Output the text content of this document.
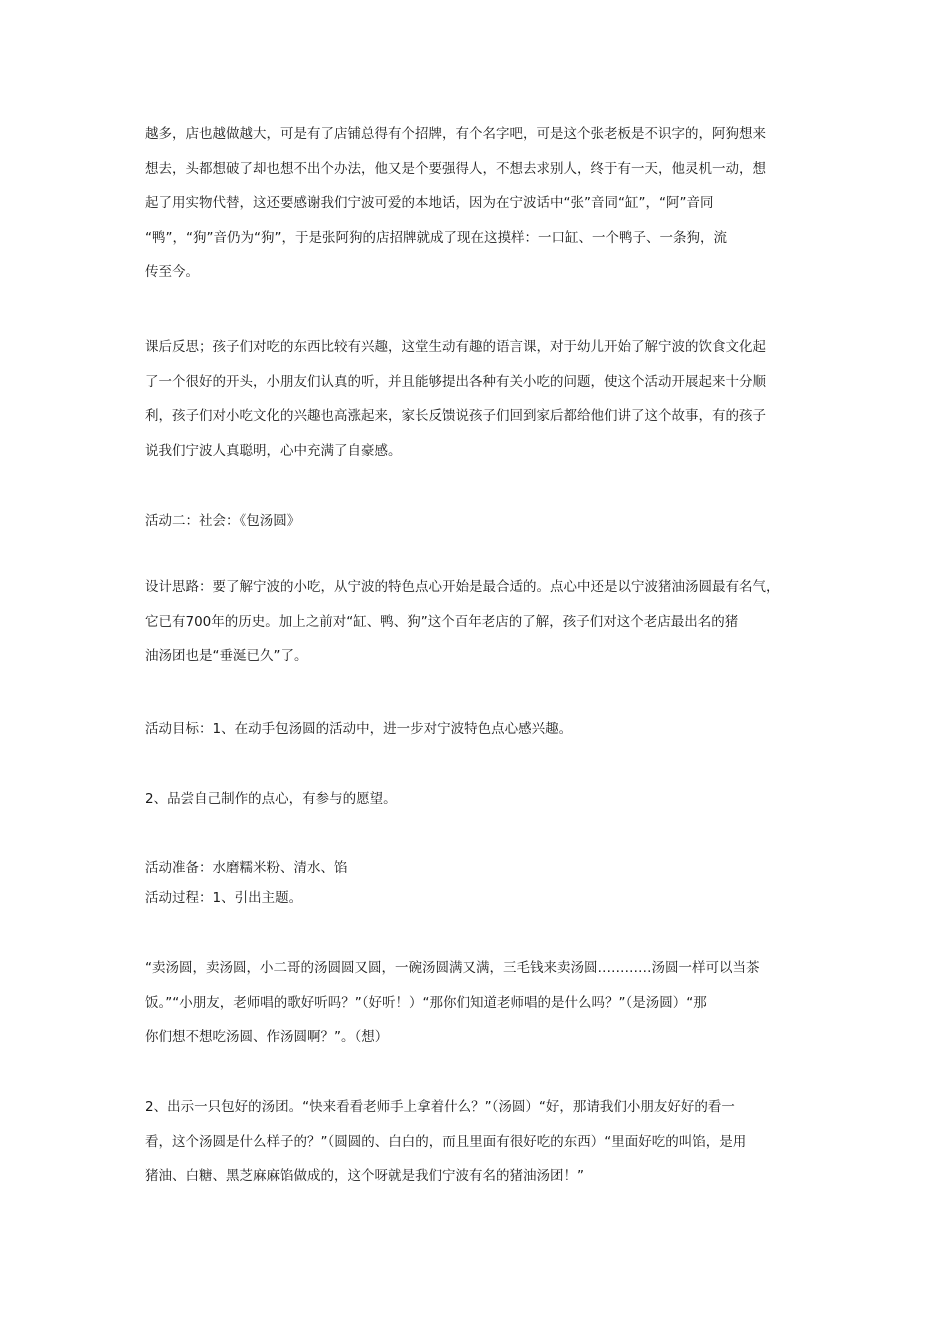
越多，店也越做越大，可是有了店铺总得有个招牌，有个名字吧，可是这个张老板是不识字的，阿狗想来
想去，头都想破了却也想不出个办法，他又是个要强得人，不想去求别人，终于有一天，他灵机一动，想
起了用实物代替，这还要感谢我们宁波可爱的本地话，因为在宁波话中“张”音同“缸”，“阿”音同
“鸭”，“狗”音仍为“狗”，于是张阿狗的店招牌就成了现在这摸样：一口缸、一个鸭子、一条狗，流
传至今。
课后反思；孩子们对吃的东西比较有兴趣，这堂生动有趣的语言课，对于幼儿开始了解宁波的饮食文化起
了一个很好的开头，小朋友们认真的听，并且能够提出各种有关小吃的问题，使这个活动开展起来十分顺
利，孩子们对小吃文化的兴趣也高涨起来，家长反馈说孩子们回到家后都给他们讲了这个故事，有的孩子
说我们宁波人真聪明，心中充满了自豪感。
活动二：社会：《包汤圆》
设计思路：要了解宁波的小吃，从宁波的特色点心开始是最合适的。点心中还是以宁波猪油汤圆最有名气，
它已有700年的历史。加上之前对“缸、鸭、狗”这个百年老店的了解，孩子们对这个老店最出名的猪
油汤团也是“垂涎已久”了。
活动目标：1、在动手包汤圆的活动中，进一步对宁波特色点心感兴趣。
2、品尝自己制作的点心，有参与的愿望。
活动准备：水磨糯米粉、清水、馅
活动过程：1、引出主题。
“卖汤圆，卖汤圆，小二哥的汤圆圆又圆，一碗汤圆满又满，三毛钱来卖汤圆…………汤圆一样可以当茶
饭。”“小朋友，老师唱的歌好听吗？”（好听！）“那你们知道老师唱的是什么吗？”（是汤圆）“那
你们想不想吃汤圆、作汤圆啊？”。（想）
2、出示一只包好的汤团。“快来看看老师手上拿着什么？”（汤圆）“好，那请我们小朋友好好的看一
看，这个汤圆是什么样子的？”（圆圆的、白白的，而且里面有很好吃的东西）“里面好吃的叫馅，是用
猪油、白糖、黑芝麻麻馅做成的，这个呀就是我们宁波有名的猪油汤团！”
